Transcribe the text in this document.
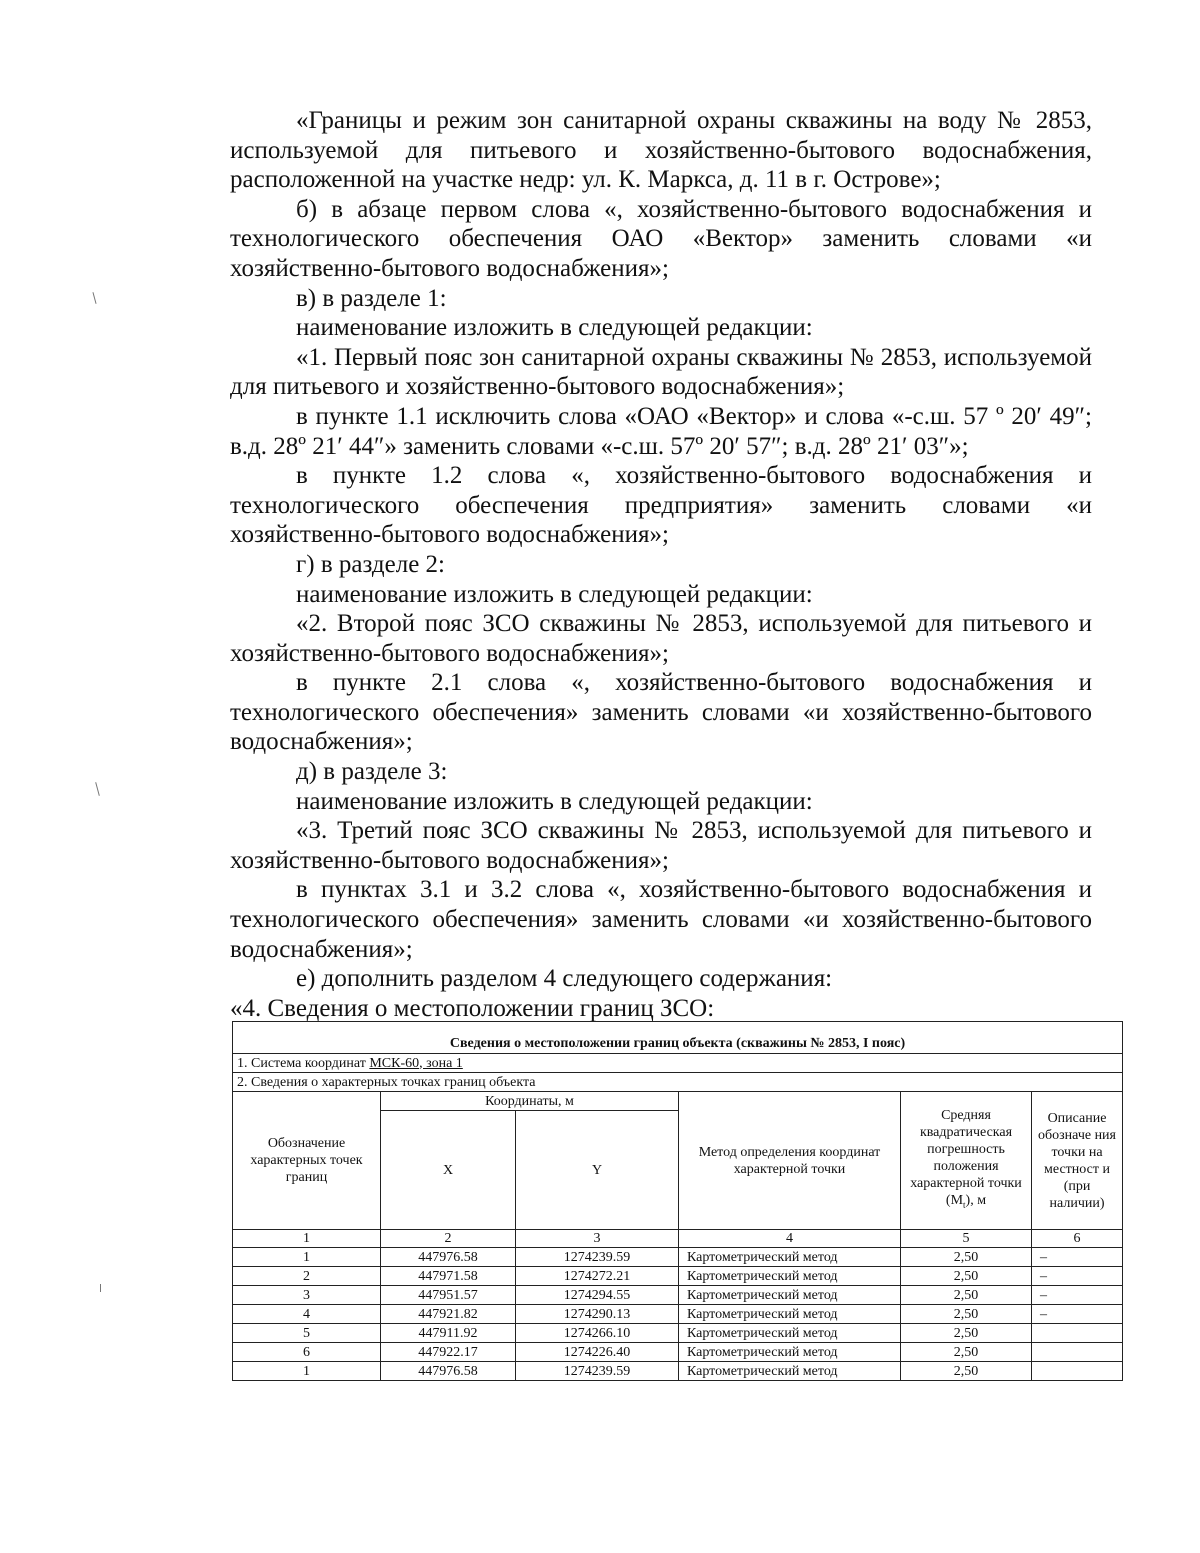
«Границы и режим зон санитарной охраны скважины на воду № 2853, используемой для питьевого и хозяйственно-бытового водоснабжения, расположенной на участке недр: ул. К. Маркса, д. 11 в г. Острове»;

б) в абзаце первом слова «, хозяйственно-бытового водоснабжения и технологического обеспечения ОАО «Вектор» заменить словами «и хозяйственно-бытового водоснабжения»;

в) в разделе 1:

наименование изложить в следующей редакции:

«1. Первый пояс зон санитарной охраны скважины № 2853, используемой для питьевого и хозяйственно-бытового водоснабжения»;

в пункте 1.1 исключить слова «ОАО «Вектор» и слова «-с.ш. 57 º 20′ 49″; в.д. 28º 21′ 44″» заменить словами «-с.ш. 57º 20′ 57″; в.д. 28º 21′ 03″»;

в пункте 1.2 слова «, хозяйственно-бытового водоснабжения и технологического обеспечения предприятия» заменить словами «и хозяйственно-бытового водоснабжения»;

г) в разделе 2:

наименование изложить в следующей редакции:

«2. Второй пояс ЗСО скважины № 2853, используемой для питьевого и хозяйственно-бытового водоснабжения»;

в пункте 2.1 слова «, хозяйственно-бытового водоснабжения и технологического обеспечения» заменить словами «и хозяйственно-бытового водоснабжения»;

д) в разделе 3:

наименование изложить в следующей редакции:

«3. Третий пояс ЗСО скважины № 2853, используемой для питьевого и хозяйственно-бытового водоснабжения»;

в пунктах 3.1 и 3.2 слова «, хозяйственно-бытового водоснабжения и технологического обеспечения» заменить словами «и хозяйственно-бытового водоснабжения»;

е) дополнить разделом 4 следующего содержания:

«4. Сведения о местоположении границ ЗСО:

Сведения о местоположении границ объекта (скважины № 2853, I пояс)					
1. Система координат МСК-60, зона 1					
2. Сведения о характерных точках границ объекта					
Обозначение характерных точек границ	Координаты, м		Метод определения координат характерной точки	Средняя квадратическая погрешность положения характерной точки $(M_t)$, м	Описание обозначе ния точки на местност и (при наличии)
	X	Y			
1	2	3	4	5	6
1	447976.58	1274239.59	Картометрический метод	2,50	–
2	447971.58	1274272.21	Картометрический метод	2,50	–
3	447951.57	1274294.55	Картометрический метод	2,50	–
4	447921.82	1274290.13	Картометрический метод	2,50	–
5	447911.92	1274266.10	Картометрический метод	2,50	
6	447922.17	1274226.40	Картометрический метод	2,50	
1	447976.58	1274239.59	Картометрический метод	2,50	
